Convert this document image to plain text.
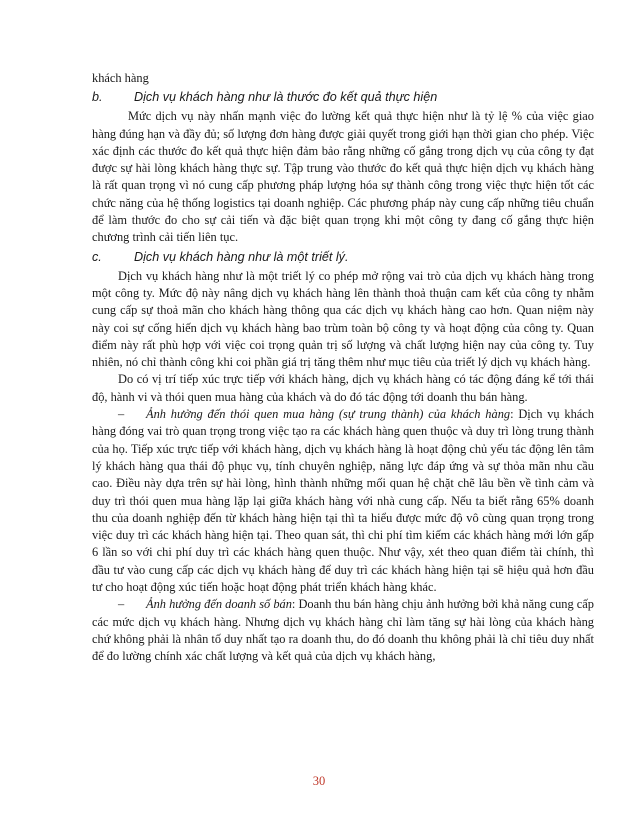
khách hàng

b.	Dịch vụ khách hàng như là thước đo kết quả thực hiện

Mức dịch vụ này nhấn mạnh việc đo lường kết quả thực hiện như là tỷ lệ % của việc giao hàng đúng hạn và đầy đủ; số lượng đơn hàng được giải quyết trong giới hạn thời gian cho phép. Việc xác định các thước đo kết quả thực hiện đảm bảo rằng những cố gắng trong dịch vụ của công ty đạt được sự hài lòng khách hàng thực sự. Tập trung vào thước đo kết quả thực hiện dịch vụ khách hàng là rất quan trọng vì nó cung cấp phương pháp lượng hóa sự thành công trong việc thực hiện tốt các chức năng của hệ thống logistics tại doanh nghiệp. Các phương pháp này cung cấp những tiêu chuẩn để làm thước đo cho sự cải tiến và đặc biệt quan trọng khi một công ty đang cố gắng thực hiện chương trình cải tiến liên tục.

c.	Dịch vụ khách hàng như là một triết lý.

Dịch vụ khách hàng như là một triết lý co phép mở rộng vai trò của dịch vụ khách hàng trong một công ty. Mức độ này nâng dịch vụ khách hàng lên thành thoả thuận cam kết của công ty nhằm cung cấp sự thoả mãn cho khách hàng thông qua các dịch vụ khách hàng cao hơn. Quan niệm này này coi sự cống hiến dịch vụ khách hàng bao trùm toàn bộ công ty và hoạt động của công ty. Quan điểm này rất phù hợp với việc coi trọng quản trị số lượng và chất lượng hiện nay của công ty. Tuy nhiên, nó chỉ thành công khi coi phần giá trị tăng thêm như mục tiêu của triết lý dịch vụ khách hàng.

Do có vị trí tiếp xúc trực tiếp với khách hàng, dịch vụ khách hàng có tác động đáng kể tới thái độ, hành vi và thói quen mua hàng của khách và do đó tác động tới doanh thu bán hàng.

– Ảnh hưởng đến thói quen mua hàng (sự trung thành) của khách hàng: Dịch vụ khách hàng đóng vai trò quan trọng trong việc tạo ra các khách hàng quen thuộc và duy trì lòng trung thành của họ. Tiếp xúc trực tiếp với khách hàng, dịch vụ khách hàng là hoạt động chủ yếu tác động lên tâm lý khách hàng qua thái độ phục vụ, tính chuyên nghiệp, năng lực đáp ứng và sự thỏa mãn nhu cầu cao. Điều này dựa trên sự hài lòng, hình thành những mối quan hệ chặt chẽ lâu bền về tình cảm và duy trì thói quen mua hàng lặp lại giữa khách hàng với nhà cung cấp. Nếu ta biết rằng 65% doanh thu của doanh nghiệp đến từ khách hàng hiện tại thì ta hiểu được mức độ vô cùng quan trọng trong việc duy trì các khách hàng hiện tại. Theo quan sát, thì chi phí tìm kiếm các khách hàng mới lớn gấp 6 lần so với chi phí duy trì các khách hàng quen thuộc. Như vậy, xét theo quan điểm tài chính, thì đầu tư vào cung cấp các dịch vụ khách hàng để duy trì các khách hàng hiện tại sẽ hiệu quả hơn đầu tư cho hoạt động xúc tiến hoặc hoạt động phát triển khách hàng khác.

– Ảnh hưởng đến doanh số bán: Doanh thu bán hàng chịu ảnh hưởng bởi khả năng cung cấp các mức dịch vụ khách hàng. Nhưng dịch vụ khách hàng chỉ làm tăng sự hài lòng của khách hàng chứ không phải là nhân tố duy nhất tạo ra doanh thu, do đó doanh thu không phải là chỉ tiêu duy nhất để đo lường chính xác chất lượng và kết quả của dịch vụ khách hàng,

30
